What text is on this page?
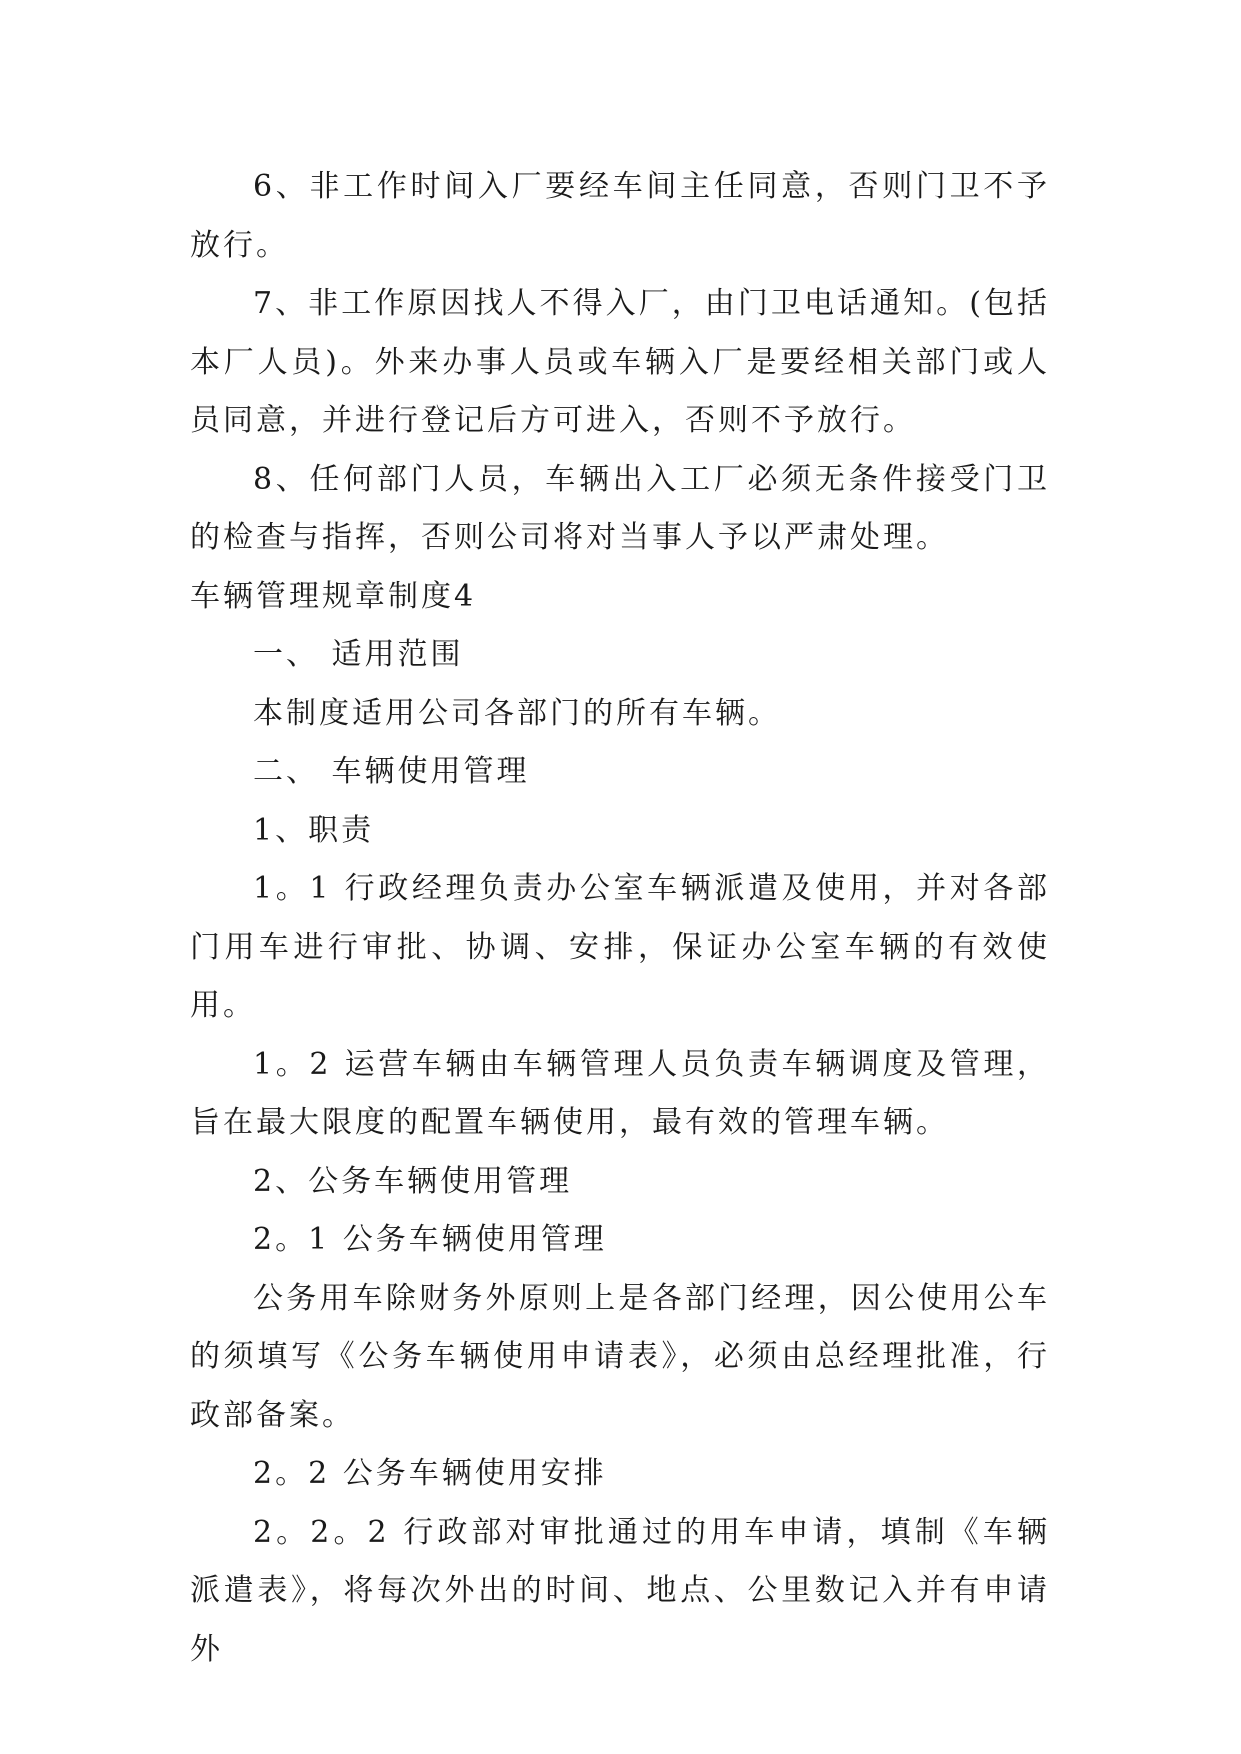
6、非工作时间入厂要经车间主任同意，否则门卫不予放行。

7、非工作原因找人不得入厂，由门卫电话通知。(包括本厂人员)。外来办事人员或车辆入厂是要经相关部门或人员同意，并进行登记后方可进入，否则不予放行。

8、任何部门人员，车辆出入工厂必须无条件接受门卫的检查与指挥，否则公司将对当事人予以严肃处理。

车辆管理规章制度4

一、 适用范围

本制度适用公司各部门的所有车辆。

二、 车辆使用管理

1、职责

1。1 行政经理负责办公室车辆派遣及使用，并对各部门用车进行审批、协调、安排，保证办公室车辆的有效使用。

1。2 运营车辆由车辆管理人员负责车辆调度及管理，旨在最大限度的配置车辆使用，最有效的管理车辆。

2、公务车辆使用管理

2。1 公务车辆使用管理

公务用车除财务外原则上是各部门经理，因公使用公车的须填写《公务车辆使用申请表》，必须由总经理批准，行政部备案。

2。2 公务车辆使用安排

2。2。2 行政部对审批通过的用车申请，填制《车辆派遣表》，将每次外出的时间、地点、公里数记入并有申请外
